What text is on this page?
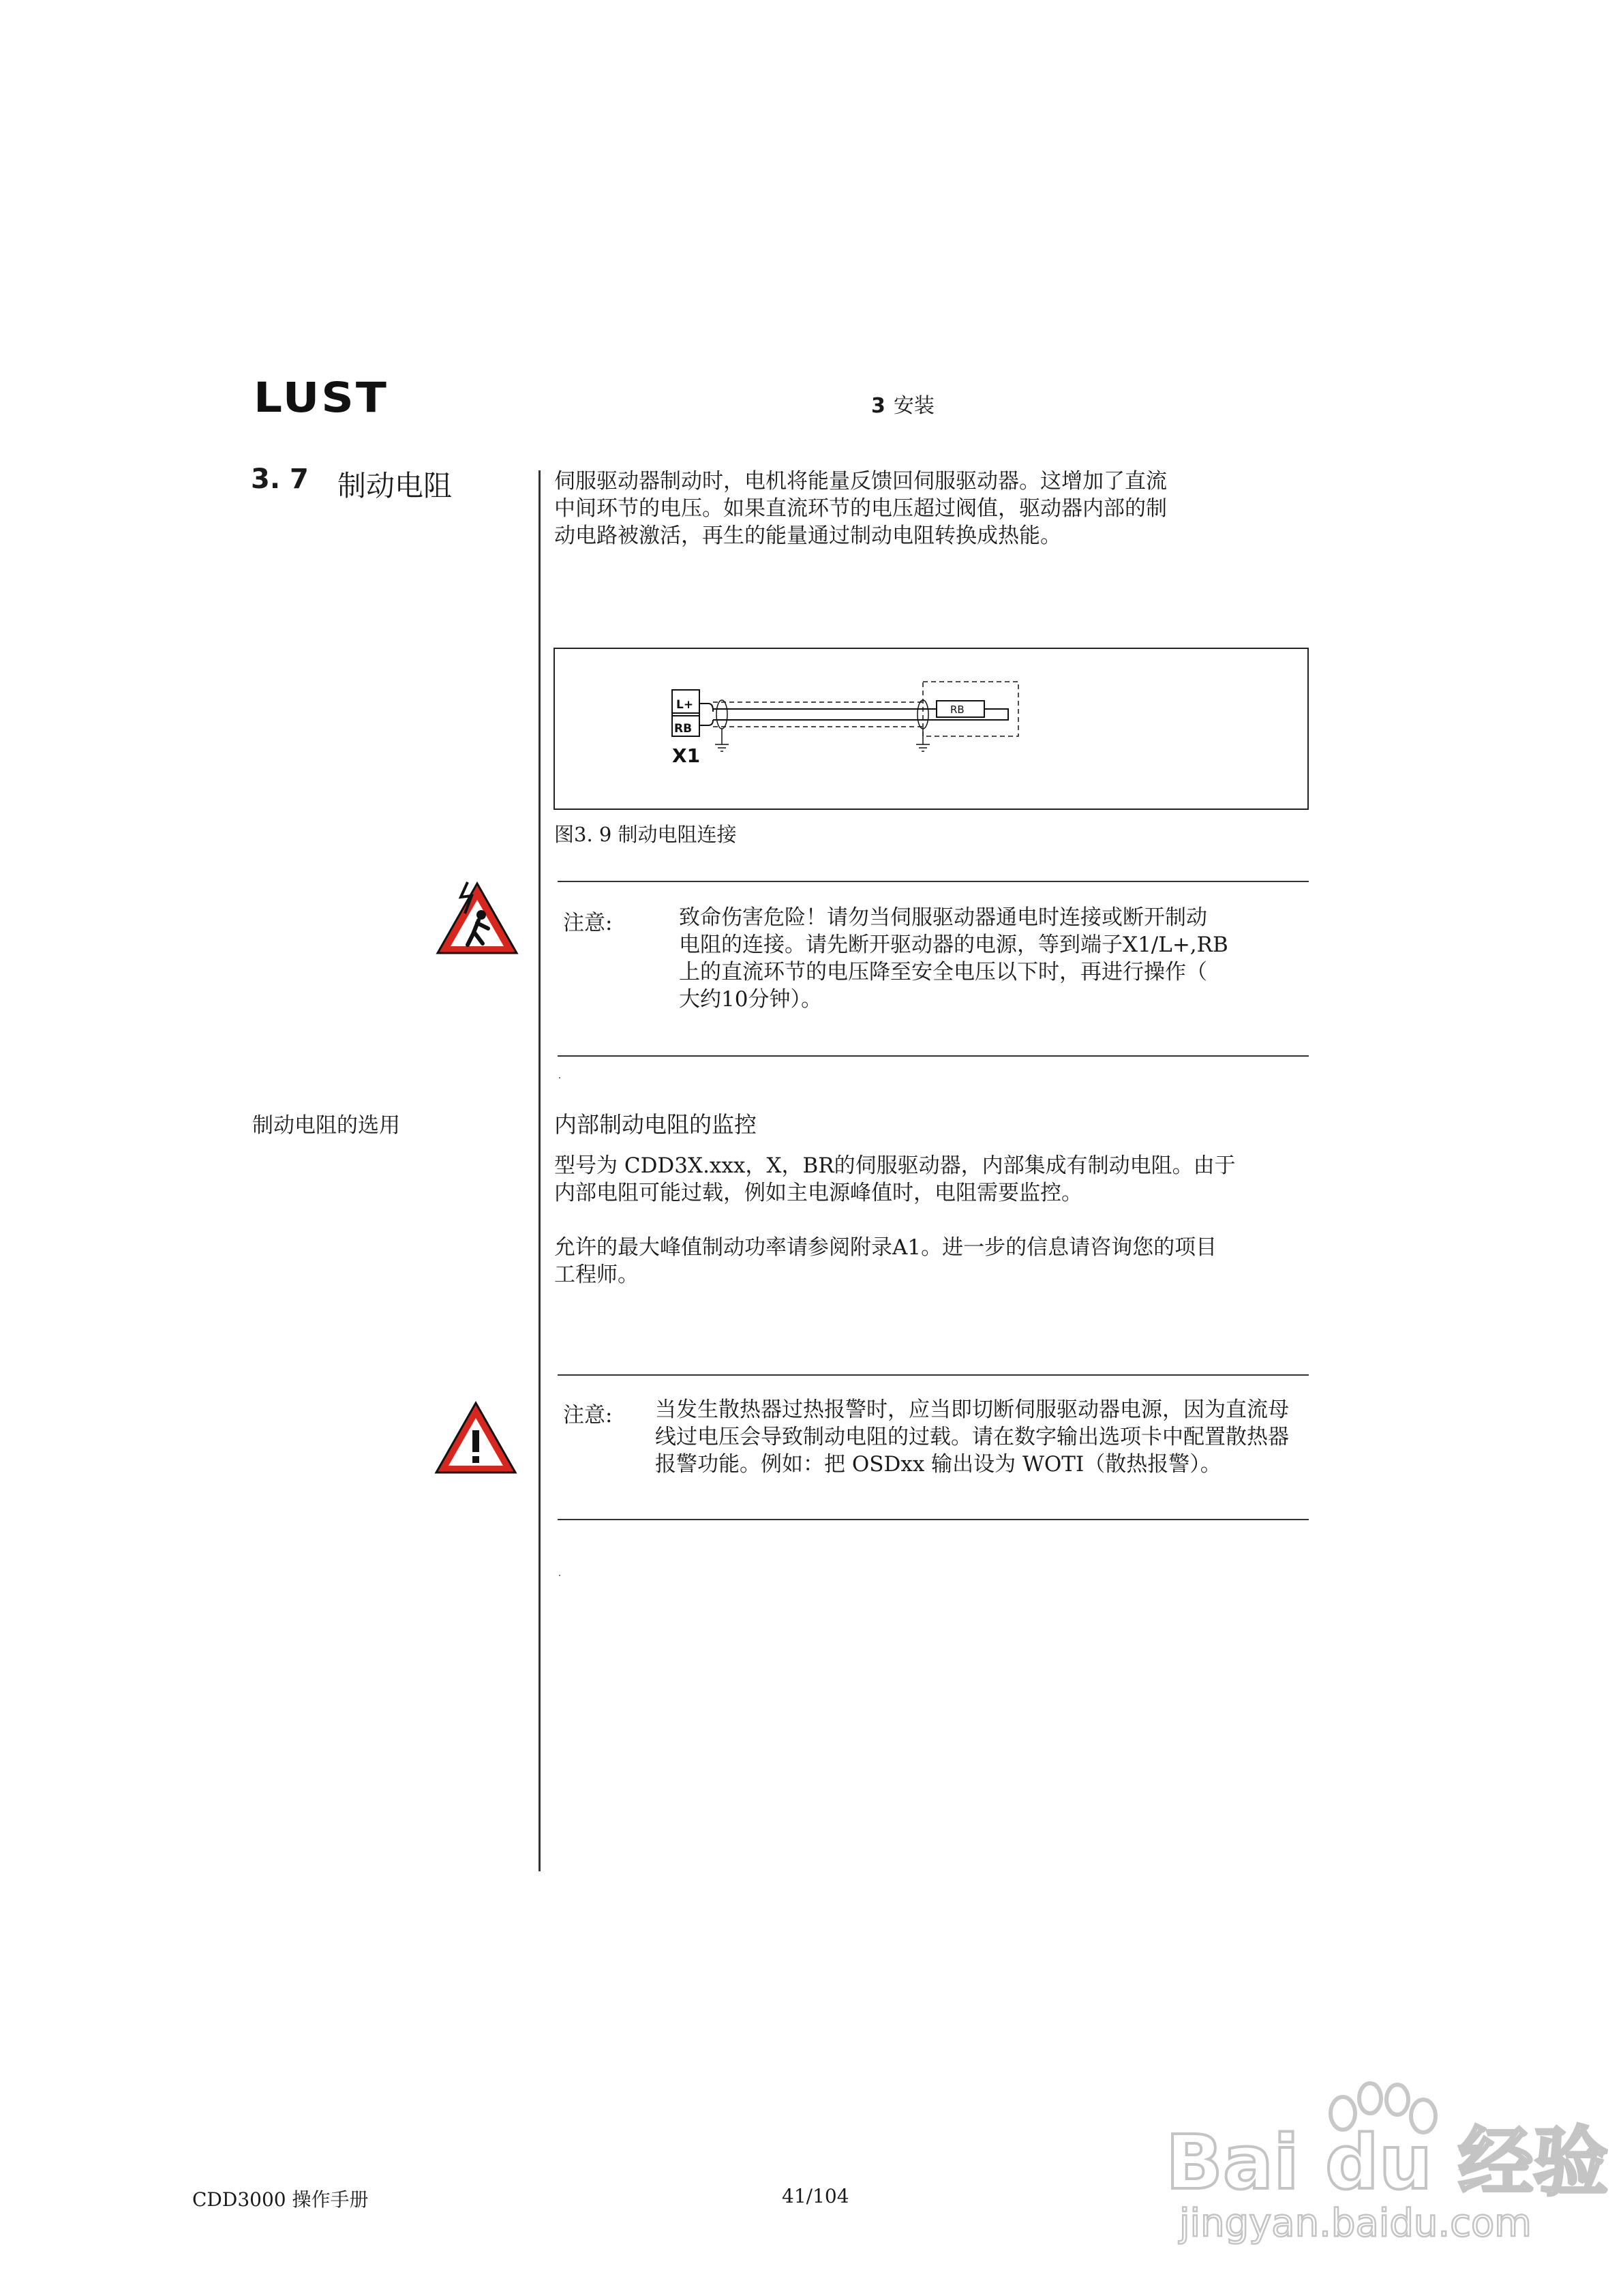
LUST	3 安装
3. 7 制动电阻	伺服驱动器制动时，电机将能量反馈回伺服驱动器。这增加了直流
中间环节的电压。如果直流环节的电压超过阀值，驱动器内部的制
动电路被激活，再生的能量通过制动电阻转换成热能。
L+
RB
X1
RB
图3. 9 制动电阻连接
注意:	致命伤害危险！请勿当伺服驱动器通电时连接或断开制动
电阻的连接。请先断开驱动器的电源，等到端子X1/L+,RB
上的直流环节的电压降至安全电压以下时，再进行操作（
大约10分钟）。
制动电阻的选用	内部制动电阻的监控
型号为 CDD3X.xxx，X，BR的伺服驱动器，内部集成有制动电阻。由于
内部电阻可能过载，例如主电源峰值时，电阻需要监控。
允许的最大峰值制动功率请参阅附录A1。进一步的信息请咨询您的项目
工程师。
注意: 当发生散热器过热报警时，应当即切断伺服驱动器电源，因为直流母
线过电压会导致制动电阻的过载。请在数字输出选项卡中配置散热器
报警功能。例如：把 OSDxx 输出设为 WOTI（散热报警）。
CDD3000 操作手册	41/104	Bai du 经验
jingyan.baidu.com
